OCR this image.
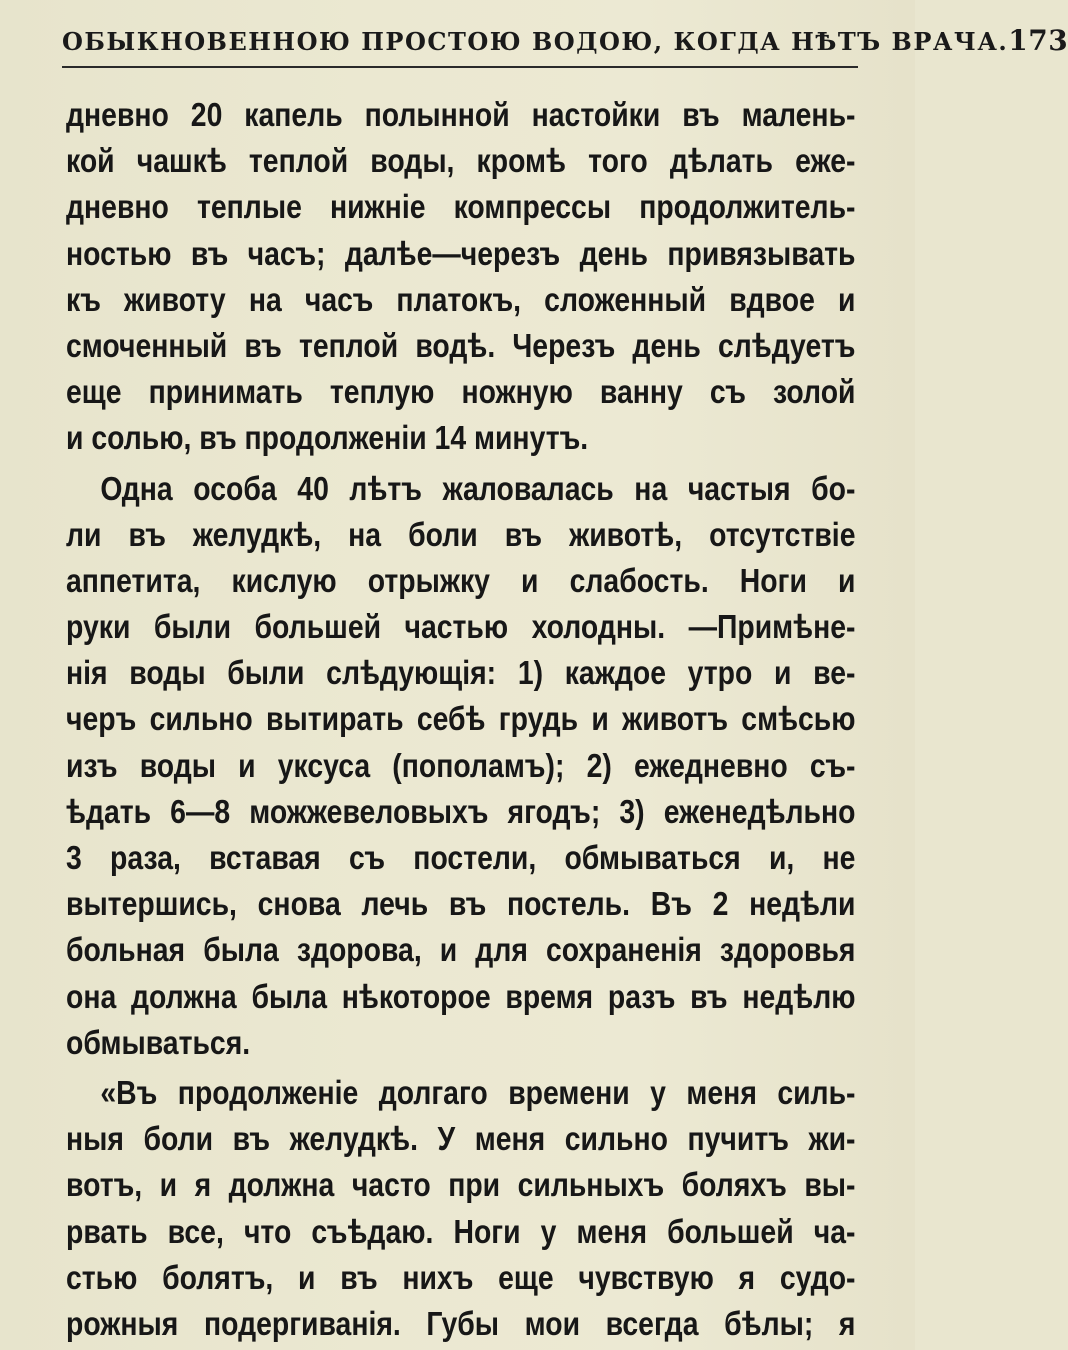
ОБЫКНОВЕННОЮ ПРОСТОЮ ВОДОЮ, КОГДА НѢТЪ ВРАЧА. 173
дневно 20 капель полынной настойки въ малень-
кой чашкѣ теплой воды, кромѣ того дѣлать еже-
дневно теплые нижніе компрессы продолжитель-
ностью въ часъ; далѣе—черезъ день привязывать
къ животу на часъ платокъ, сложенный вдвое и
смоченный въ теплой водѣ. Черезъ день слѣдуетъ
еще принимать теплую ножную ванну съ золой
и солью, въ продолженіи 14 минутъ.
Одна особа 40 лѣтъ жаловалась на частыя бо-
ли въ желудкѣ, на боли въ животѣ, отсутствіе
аппетита, кислую отрыжку и слабость. Ноги и
руки были большей частью холодны. —Примѣне-
нія воды были слѣдующія: 1) каждое утро и ве-
черъ сильно вытирать себѣ грудь и животъ смѣсью
изъ воды и уксуса (пополамъ); 2) ежедневно съ-
ѣдать 6—8 можжевеловыхъ ягодъ; 3) еженедѣльно
3 раза, вставая съ постели, обмываться и, не
вытершись, снова лечь въ постель. Въ 2 недѣли
больная была здорова, и для сохраненія здоровья
она должна была нѣкоторое время разъ въ недѣлю
обмываться.
«Въ продолженіе долгаго времени у меня силь-
ныя боли въ желудкѣ. У меня сильно пучитъ жи-
вотъ, и я должна часто при сильныхъ боляхъ вы-
рвать все, что съѣдаю. Ноги у меня большей ча-
стью болятъ, и въ нихъ еще чувствую я судо-
рожныя подергиванія. Губы мои всегда бѣлы; я
